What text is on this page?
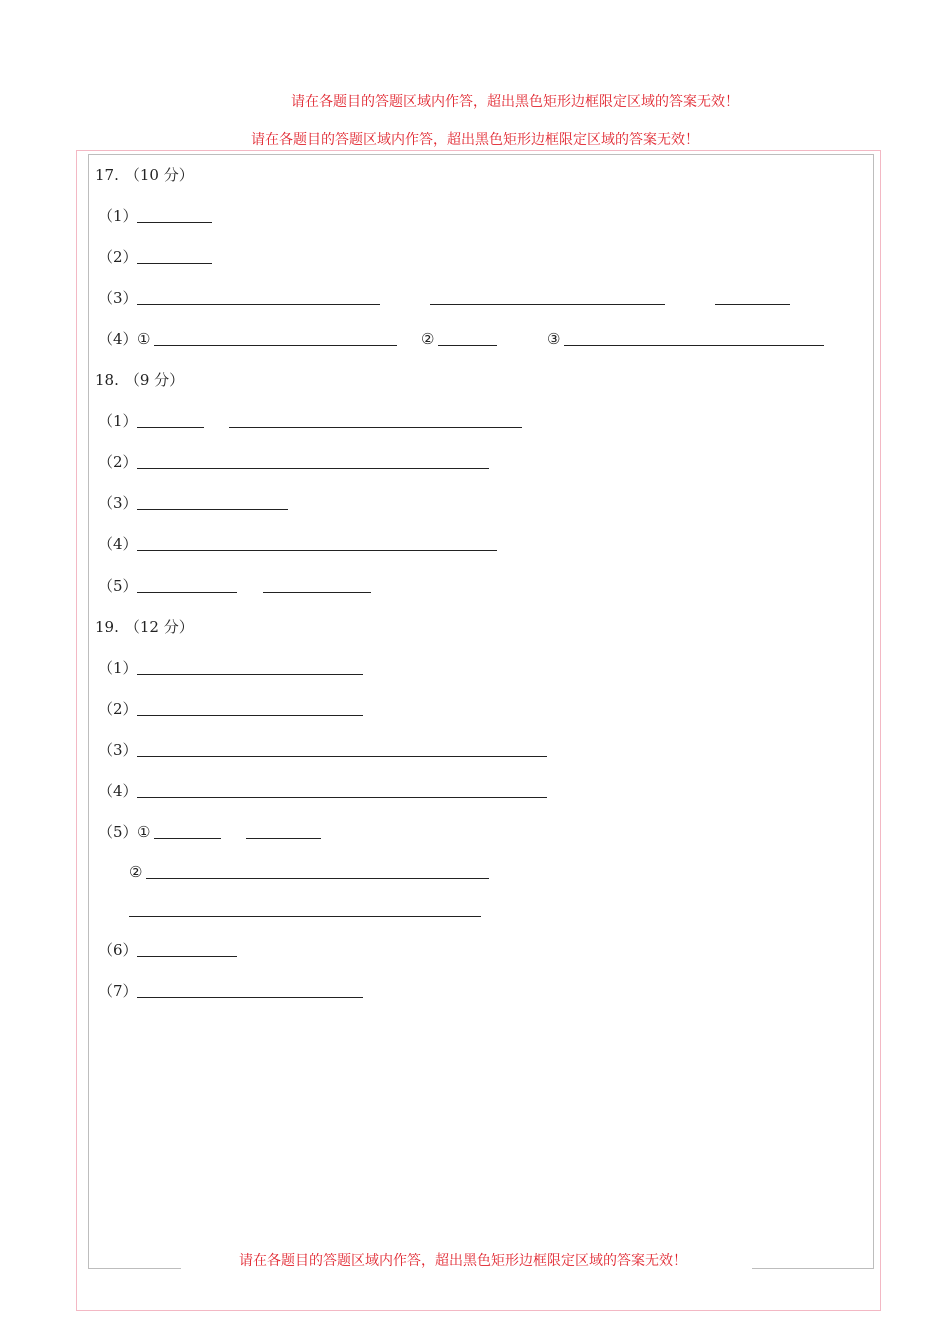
请在各题目的答题区域内作答，超出黑色矩形边框限定区域的答案无效！
请在各题目的答题区域内作答，超出黑色矩形边框限定区域的答案无效！
请在各题目的答题区域内作答，超出黑色矩形边框限定区域的答案无效！
17. （10 分）
（1）
（2）
（3）
（4） ①	②	③
18. （9 分）
（1）
（2）
（3）
（4）
（5）
19. （12 分）
（1）
（2）
（3）
（4）
（5） ①
②
（6）
（7）
